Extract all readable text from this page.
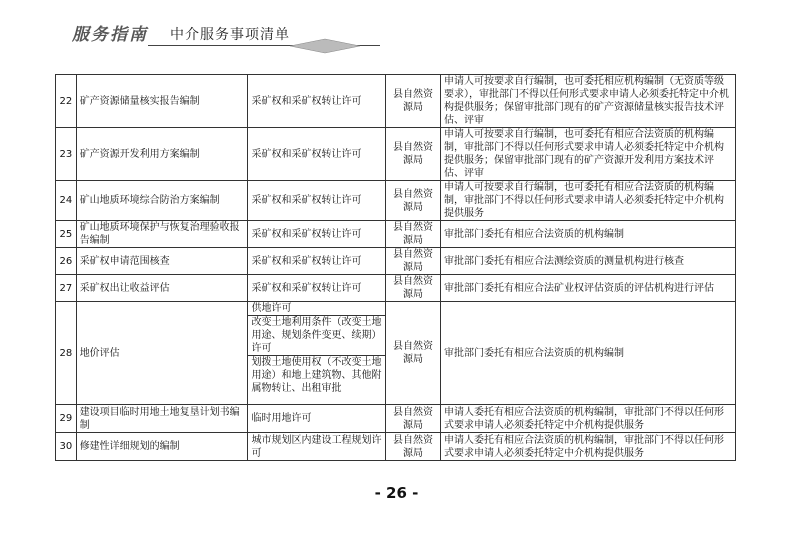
服务指南 中介服务事项清单
22	矿产资源储量核实报告编制	采矿权和采矿权转让许可	县自然资源局	申请人可按要求自行编制，也可委托相应机构编制（无资质等级要求），审批部门不得以任何形式要求申请人必须委托特定中介机构提供服务；保留审批部门现有的矿产资源储量核实报告技术评估、评审
23	矿产资源开发利用方案编制	采矿权和采矿权转让许可	县自然资源局	申请人可按要求自行编制，也可委托有相应合法资质的机构编制，审批部门不得以任何形式要求申请人必须委托特定中介机构提供服务；保留审批部门现有的矿产资源开发利用方案技术评估、评审
24	矿山地质环境综合防治方案编制	采矿权和采矿权转让许可	县自然资源局	申请人可按要求自行编制，也可委托有相应合法资质的机构编制，审批部门不得以任何形式要求申请人必须委托特定中介机构提供服务
25	矿山地质环境保护与恢复治理验收报告编制	采矿权和采矿权转让许可	县自然资源局	审批部门委托有相应合法资质的机构编制
26	采矿权申请范围核查	采矿权和采矿权转让许可	县自然资源局	审批部门委托有相应合法测绘资质的测量机构进行核查
27	采矿权出让收益评估	采矿权和采矿权转让许可	县自然资源局	审批部门委托有相应合法矿业权评估资质的评估机构进行评估
28	地价评估	供地许可
改变土地利用条件（改变土地用途、规划条件变更、续期）许可
划拨土地使用权（不改变土地用途）和地上建筑物、其他附属物转让、出租审批	县自然资源局	审批部门委托有相应合法资质的机构编制
29	建设项目临时用地土地复垦计划书编制	临时用地许可	县自然资源局	申请人委托有相应合法资质的机构编制，审批部门不得以任何形式要求申请人必须委托特定中介机构提供服务
30	修建性详细规划的编制	城市规划区内建设工程规划许可	县自然资源局	申请人委托有相应合法资质的机构编制，审批部门不得以任何形式要求申请人必须委托特定中介机构提供服务
- 26 -
